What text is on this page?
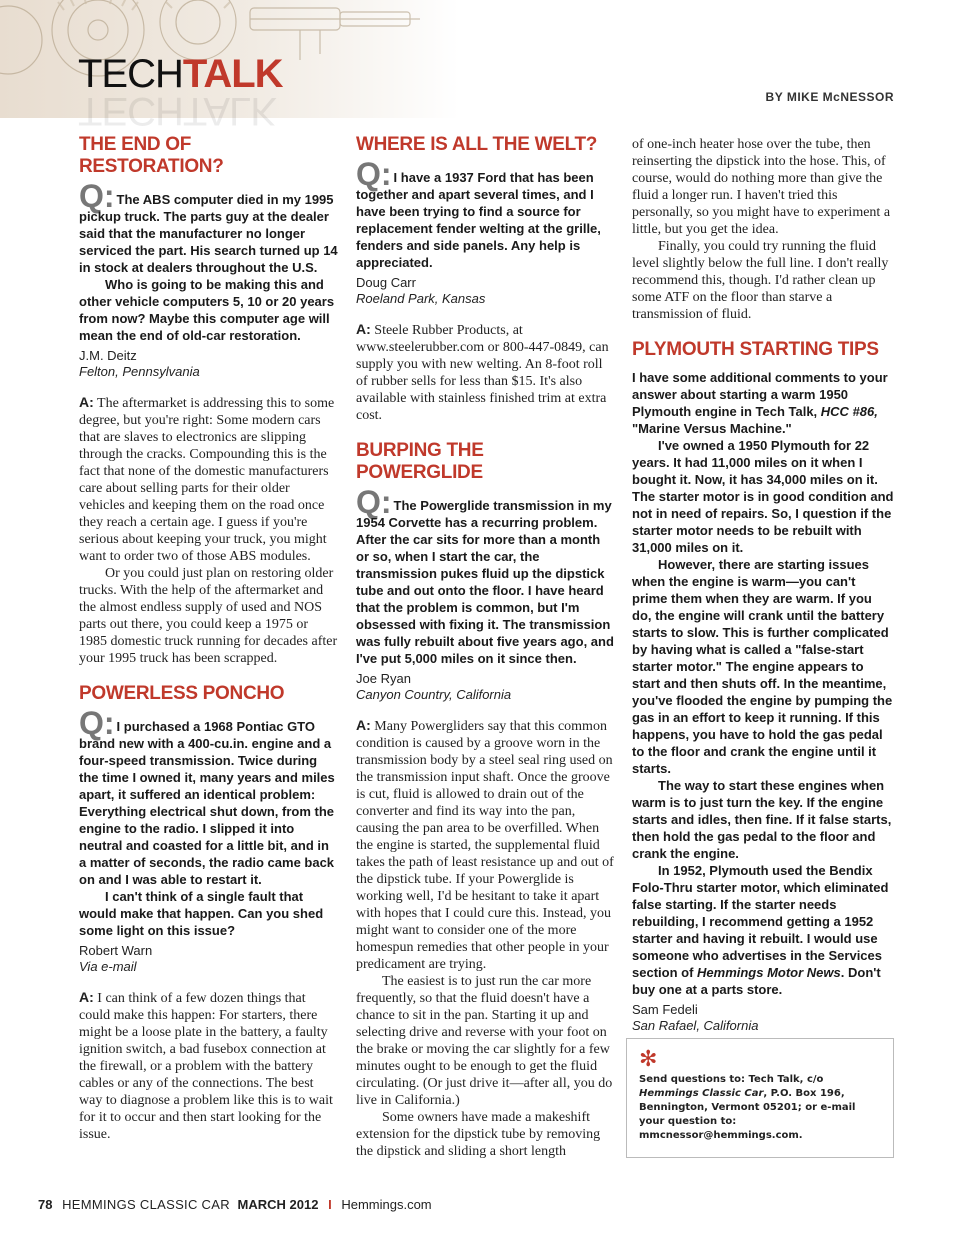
TECHTALK
TECHTALK	BY MIKE McNESSOR
THE END OF RESTORATION?

Q: The ABS computer died in my 1995 pickup truck. The parts guy at the dealer said that the manufacturer no longer serviced the part. His search turned up 14 in stock at dealers throughout the U.S.

Who is going to be making this and other vehicle computers 5, 10 or 20 years from now? Maybe this computer age will mean the end of old-car restoration.

J.M. Deitz
Felton, Pennsylvania

A: The aftermarket is addressing this to some degree, but you're right: Some modern cars that are slaves to electronics are slipping through the cracks. Compounding this is the fact that none of the domestic manufacturers care about selling parts for their older vehicles and keeping them on the road once they reach a certain age. I guess if you're serious about keeping your truck, you might want to order two of those ABS modules.

Or you could just plan on restoring older trucks. With the help of the aftermarket and the almost endless supply of used and NOS parts out there, you could keep a 1975 or 1985 domestic truck running for decades after your 1995 truck has been scrapped.

POWERLESS PONCHO

Q: I purchased a 1968 Pontiac GTO brand new with a 400-cu.in. engine and a four-speed transmission. Twice during the time I owned it, many years and miles apart, it suffered an identical problem: Everything electrical shut down, from the engine to the radio. I slipped it into neutral and coasted for a little bit, and in a matter of seconds, the radio came back on and I was able to restart it.

I can't think of a single fault that would make that happen. Can you shed some light on this issue?

Robert Warn
Via e-mail

A: I can think of a few dozen things that could make this happen: For starters, there might be a loose plate in the battery, a faulty ignition switch, a bad fusebox connection at the firewall, or a problem with the battery cables or any of the connections. The best way to diagnose a problem like this is to wait for it to occur and then start looking for the issue.

WHERE IS ALL THE WELT?

Q: I have a 1937 Ford that has been together and apart several times, and I have been trying to find a source for replacement fender welting at the grille, fenders and side panels. Any help is appreciated.

Doug Carr
Roeland Park, Kansas

A: Steele Rubber Products, at www.steelerubber.com or 800-447-0849, can supply you with new welting. An 8-foot roll of rubber sells for less than $15. It's also available with stainless finished trim at extra cost.

BURPING THE POWERGLIDE

Q: The Powerglide transmission in my 1954 Corvette has a recurring problem. After the car sits for more than a month or so, when I start the car, the transmission pukes fluid up the dipstick tube and out onto the floor. I have heard that the problem is common, but I'm obsessed with fixing it. The transmission was fully rebuilt about five years ago, and I've put 5,000 miles on it since then.

Joe Ryan
Canyon Country, California

A: Many Powergliders say that this common condition is caused by a groove worn in the transmission body by a steel seal ring used on the transmission input shaft. Once the groove is cut, fluid is allowed to drain out of the converter and find its way into the pan, causing the pan area to be overfilled. When the engine is started, the supplemental fluid takes the path of least resistance up and out of the dipstick tube. If your Powerglide is working well, I'd be hesitant to take it apart with hopes that I could cure this. Instead, you might want to consider one of the more homespun remedies that other people in your predicament are trying.

The easiest is to just run the car more frequently, so that the fluid doesn't have a chance to sit in the pan. Starting it up and selecting drive and reverse with your foot on the brake or moving the car slightly for a few minutes ought to be enough to get the fluid circulating. (Or just drive it—after all, you do live in California.)

Some owners have made a makeshift extension for the dipstick tube by removing the dipstick and sliding a short length

of one-inch heater hose over the tube, then reinserting the dipstick into the hose. This, of course, would do nothing more than give the fluid a longer run. I haven't tried this personally, so you might have to experiment a little, but you get the idea.

Finally, you could try running the fluid level slightly below the full line. I don't really recommend this, though. I'd rather clean up some ATF on the floor than starve a transmission of fluid.

PLYMOUTH STARTING TIPS

I have some additional comments to your answer about starting a warm 1950 Plymouth engine in Tech Talk, HCC #86, "Marine Versus Machine."

I've owned a 1950 Plymouth for 22 years. It had 11,000 miles on it when I bought it. Now, it has 34,000 miles on it. The starter motor is in good condition and not in need of repairs. So, I question if the starter motor needs to be rebuilt with 31,000 miles on it.

However, there are starting issues when the engine is warm—you can't prime them when they are warm. If you do, the engine will crank until the battery starts to slow. This is further complicated by having what is called a "false-start starter motor." The engine appears to start and then shuts off. In the meantime, you've flooded the engine by pumping the gas in an effort to keep it running. If this happens, you have to hold the gas pedal to the floor and crank the engine until it starts.

The way to start these engines when warm is to just turn the key. If the engine starts and idles, then fine. If it false starts, then hold the gas pedal to the floor and crank the engine.

In 1952, Plymouth used the Bendix Folo-Thru starter motor, which eliminated false starting. If the starter needs rebuilding, I recommend getting a 1952 starter and having it rebuilt. I would use someone who advertises in the Services section of Hemmings Motor News. Don't buy one at a parts store.

Sam Fedeli
San Rafael, California

✻
Send questions to: Tech Talk, c/o Hemmings Classic Car, P.O. Box 196, Bennington, Vermont 05201; or e-mail your question to: mmcnessor@hemmings.com.
78 HEMMINGS CLASSIC CAR MARCH 2012 I Hemmings.com
